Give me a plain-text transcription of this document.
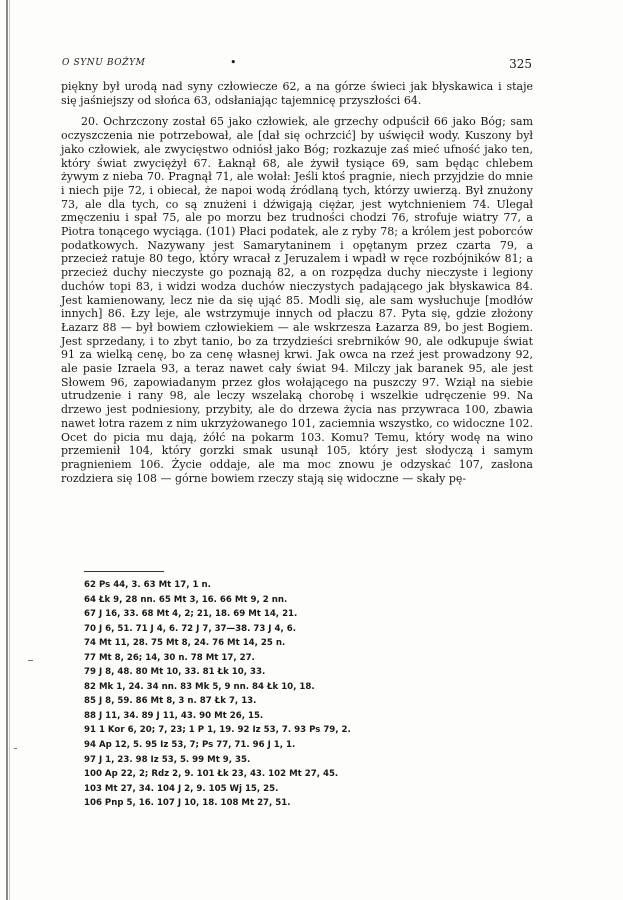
O SYNU BOŻYM	•	325

piękny był urodą nad syny człowiecze 62, a na górze świeci jak błyskawica i staje się jaśniejszy od słońca 63, odsłaniając tajemnicę przyszłości 64.

20. Ochrzczony został 65 jako człowiek, ale grzechy odpuścił 66 jako Bóg; sam oczyszczenia nie potrzebował, ale [dał się ochrzcić] by uświęcił wody. Kuszony był jako człowiek, ale zwycięstwo odniósł jako Bóg; rozkazuje zaś mieć ufność jako ten, który świat zwyciężył 67. Łaknął 68, ale żywił tysiące 69, sam będąc chlebem żywym z nieba 70. Pragnął 71, ale wołał: Jeśli ktoś pragnie, niech przyjdzie do mnie i niech pije 72, i obiecał, że napoi wodą źródlaną tych, którzy uwierzą. Był znużony 73, ale dla tych, co są znużeni i dźwigają ciężar, jest wytchnieniem 74. Ulegał zmęczeniu i spał 75, ale po morzu bez trudności chodzi 76, strofuje wiatry 77, a Piotra tonącego wyciąga. (101) Płaci podatek, ale z ryby 78; a królem jest poborców podatkowych. Nazywany jest Samarytaninem i opętanym przez czarta 79, a przecież ratuje 80 tego, który wracał z Jeruzalem i wpadł w ręce rozbójników 81; a przecież duchy nieczyste go poznają 82, a on rozpędza duchy nieczyste i legiony duchów topi 83, i widzi wodza duchów nieczystych padającego jak błyskawica 84. Jest kamienowany, lecz nie da się ująć 85. Modli się, ale sam wysłuchuje [modłów innych] 86. Łzy leje, ale wstrzymuje innych od płaczu 87. Pyta się, gdzie złożony Łazarz 88 — był bowiem człowiekiem — ale wskrzesza Łazarza 89, bo jest Bogiem. Jest sprzedany, i to zbyt tanio, bo za trzydzieści srebrników 90, ale odkupuje świat 91 za wielką cenę, bo za cenę własnej krwi. Jak owca na rzeź jest prowadzony 92, ale pasie Izraela 93, a teraz nawet cały świat 94. Milczy jak baranek 95, ale jest Słowem 96, zapowiadanym przez głos wołającego na puszczy 97. Wziął na siebie utrudzenie i rany 98, ale leczy wszelaką chorobę i wszelkie udręczenie 99. Na drzewo jest podniesiony, przybity, ale do drzewa życia nas przywraca 100, zbawia nawet łotra razem z nim ukrzyżowanego 101, zaciemnia wszystko, co widoczne 102. Ocet do picia mu dają, żółć na pokarm 103. Komu? Temu, który wodę na wino przemienił 104, który gorzki smak usunął 105, który jest słodyczą i samym pragnieniem 106. Życie oddaje, ale ma moc znowu je odzyskać 107, zasłona rozdziera się 108 — górne bowiem rzeczy stają się widoczne — skały pę-

62 Ps 44, 3. 63 Mt 17, 1 n.
64 Łk 9, 28 nn. 65 Mt 3, 16. 66 Mt 9, 2 nn.
67 J 16, 33. 68 Mt 4, 2; 21, 18. 69 Mt 14, 21.
70 J 6, 51. 71 J 4, 6. 72 J 7, 37—38. 73 J 4, 6.
74 Mt 11, 28. 75 Mt 8, 24. 76 Mt 14, 25 n.
77 Mt 8, 26; 14, 30 n. 78 Mt 17, 27.
79 J 8, 48. 80 Mt 10, 33. 81 Łk 10, 33.
82 Mk 1, 24. 34 nn. 83 Mk 5, 9 nn. 84 Łk 10, 18.
85 J 8, 59. 86 Mt 8, 3 n. 87 Łk 7, 13.
88 J 11, 34. 89 J 11, 43. 90 Mt 26, 15.
91 1 Kor 6, 20; 7, 23; 1 P 1, 19. 92 Iz 53, 7. 93 Ps 79, 2.
94 Ap 12, 5. 95 Iz 53, 7; Ps 77, 71. 96 J 1, 1.
97 J 1, 23. 98 Iz 53, 5. 99 Mt 9, 35.
100 Ap 22, 2; Rdz 2, 9. 101 Łk 23, 43. 102 Mt 27, 45.
103 Mt 27, 34. 104 J 2, 9. 105 Wj 15, 25.
106 Pnp 5, 16. 107 J 10, 18. 108 Mt 27, 51.
